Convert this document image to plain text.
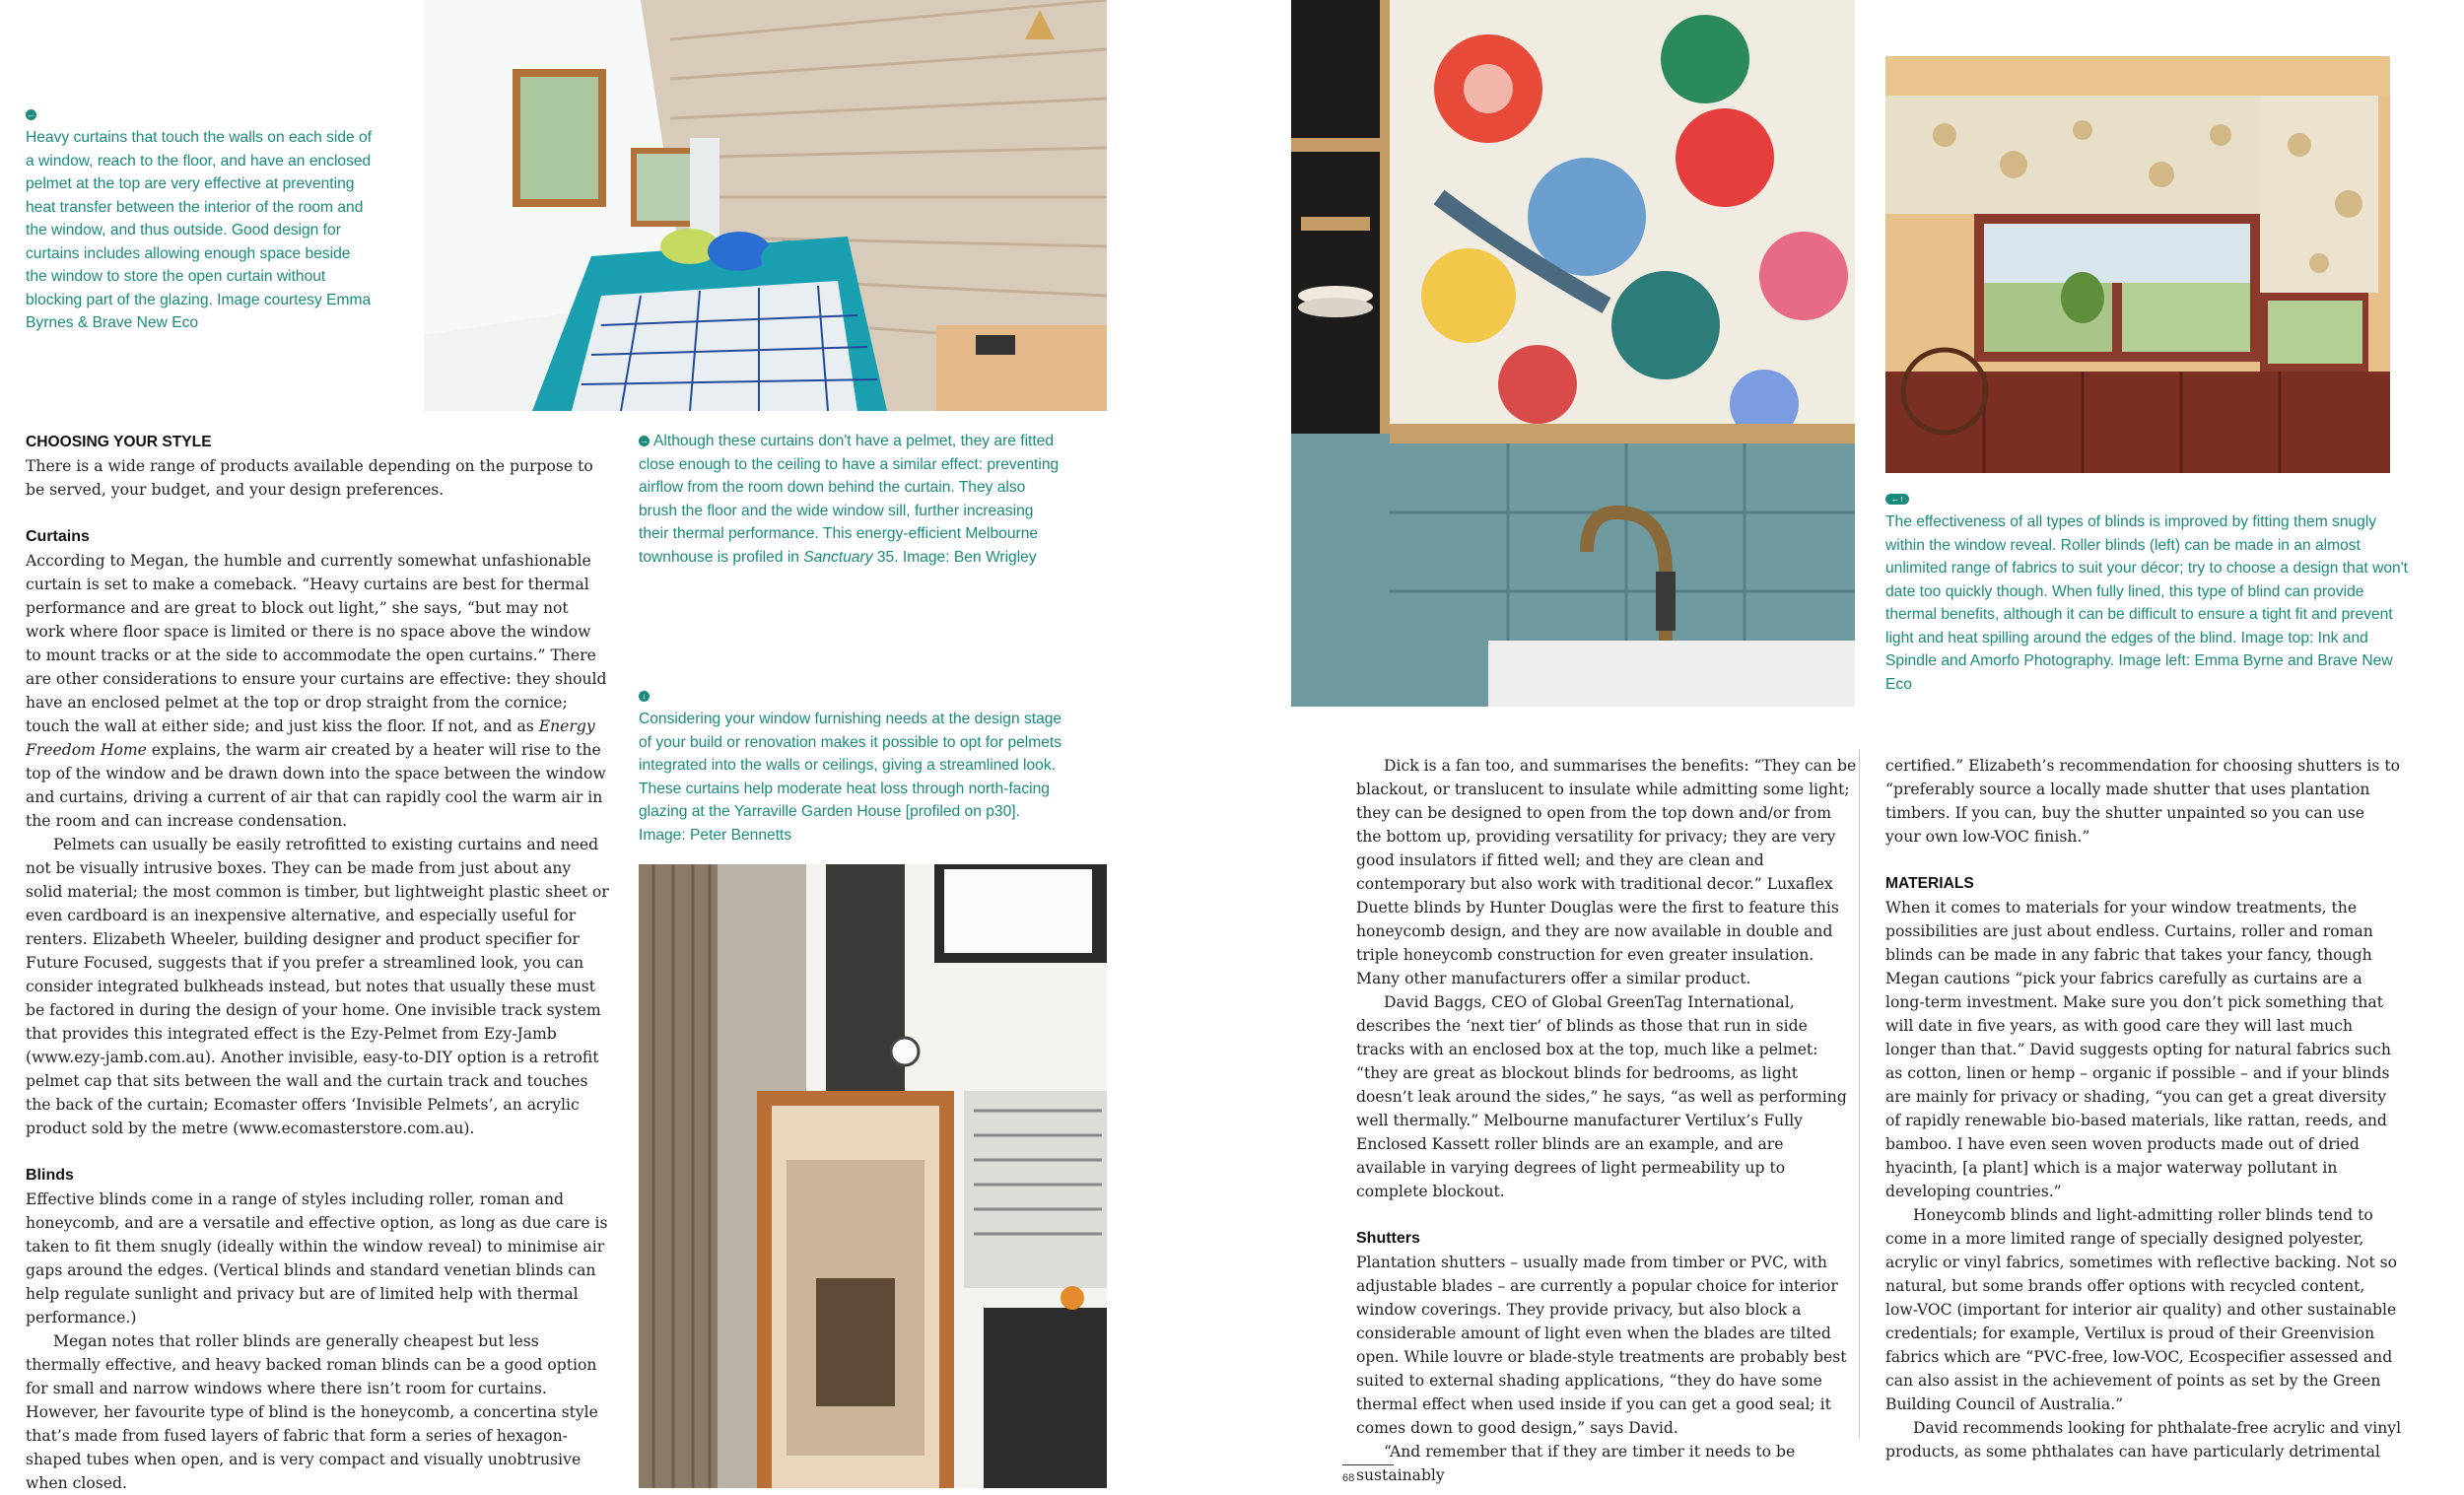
←
Heavy curtains that touch the walls on each side of a window, reach to the floor, and have an enclosed pelmet at the top are very effective at preventing heat transfer between the interior of the room and the window, and thus outside. Good design for curtains includes allowing enough space beside the window to store the open curtain without blocking part of the glazing. Image courtesy Emma Byrnes & Brave New Eco
→ Although these curtains don't have a pelmet, they are fitted close enough to the ceiling to have a similar effect: preventing airflow from the room down behind the curtain. They also brush the floor and the wide window sill, further increasing their thermal performance. This energy-efficient Melbourne townhouse is profiled in Sanctuary 35. Image: Ben Wrigley
↓
Considering your window furnishing needs at the design stage of your build or renovation makes it possible to opt for pelmets integrated into the walls or ceilings, giving a streamlined look. These curtains help moderate heat loss through north-facing glazing at the Yarraville Garden House [profiled on p30]. Image: Peter Bennetts
←↑
The effectiveness of all types of blinds is improved by fitting them snugly within the window reveal. Roller blinds (left) can be made in an almost unlimited range of fabrics to suit your décor; try to choose a design that won't date too quickly though. When fully lined, this type of blind can provide thermal benefits, although it can be difficult to ensure a tight fit and prevent light and heat spilling around the edges of the blind. Image top: Ink and Spindle and Amorfo Photography. Image left: Emma Byrne and Brave New Eco
CHOOSING YOUR STYLE

There is a wide range of products available depending on the purpose to be served, your budget, and your design preferences.

Curtains

According to Megan, the humble and currently somewhat unfashionable curtain is set to make a comeback. “Heavy curtains are best for thermal performance and are great to block out light,” she says, “but may not work where floor space is limited or there is no space above the window to mount tracks or at the side to accommodate the open curtains.” There are other considerations to ensure your curtains are effective: they should have an enclosed pelmet at the top or drop straight from the cornice; touch the wall at either side; and just kiss the floor. If not, and as Energy Freedom Home explains, the warm air created by a heater will rise to the top of the window and be drawn down into the space between the window and curtains, driving a current of air that can rapidly cool the warm air in the room and can increase condensation.

Pelmets can usually be easily retrofitted to existing curtains and need not be visually intrusive boxes. They can be made from just about any solid material; the most common is timber, but lightweight plastic sheet or even cardboard is an inexpensive alternative, and especially useful for renters. Elizabeth Wheeler, building designer and product specifier for Future Focused, suggests that if you prefer a streamlined look, you can consider integrated bulkheads instead, but notes that usually these must be factored in during the design of your home. One invisible track system that provides this integrated effect is the Ezy-Pelmet from Ezy-Jamb (www.ezy-jamb.com.au). Another invisible, easy-to-DIY option is a retrofit pelmet cap that sits between the wall and the curtain track and touches the back of the curtain; Ecomaster offers ‘Invisible Pelmets’, an acrylic product sold by the metre (www.ecomasterstore.com.au).

Blinds

Effective blinds come in a range of styles including roller, roman and honeycomb, and are a versatile and effective option, as long as due care is taken to fit them snugly (ideally within the window reveal) to minimise air gaps around the edges. (Vertical blinds and standard venetian blinds can help regulate sunlight and privacy but are of limited help with thermal performance.)

Megan notes that roller blinds are generally cheapest but less thermally effective, and heavy backed roman blinds can be a good option for small and narrow windows where there isn’t room for curtains. However, her favourite type of blind is the honeycomb, a concertina style that’s made from fused layers of fabric that form a series of hexagon-shaped tubes when open, and is very compact and visually unobtrusive when closed.

Dick is a fan too, and summarises the benefits: “They can be blackout, or translucent to insulate while admitting some light; they can be designed to open from the top down and/or from the bottom up, providing versatility for privacy; they are very good insulators if fitted well; and they are clean and contemporary but also work with traditional decor.” Luxaflex Duette blinds by Hunter Douglas were the first to feature this honeycomb design, and they are now available in double and triple honeycomb construction for even greater insulation. Many other manufacturers offer a similar product.

David Baggs, CEO of Global GreenTag International, describes the ‘next tier’ of blinds as those that run in side tracks with an enclosed box at the top, much like a pelmet: “they are great as blockout blinds for bedrooms, as light doesn’t leak around the sides,” he says, “as well as performing well thermally.” Melbourne manufacturer Vertilux’s Fully Enclosed Kassett roller blinds are an example, and are available in varying degrees of light permeability up to complete blockout.

Shutters

Plantation shutters – usually made from timber or PVC, with adjustable blades – are currently a popular choice for interior window coverings. They provide privacy, but also block a considerable amount of light even when the blades are tilted open. While louvre or blade-style treatments are probably best suited to external shading applications, “they do have some thermal effect when used inside if you can get a good seal; it comes down to good design,” says David.

“And remember that if they are timber it needs to be sustainably

certified.” Elizabeth’s recommendation for choosing shutters is to “preferably source a locally made shutter that uses plantation timbers. If you can, buy the shutter unpainted so you can use your own low-VOC finish.”

MATERIALS

When it comes to materials for your window treatments, the possibilities are just about endless. Curtains, roller and roman blinds can be made in any fabric that takes your fancy, though Megan cautions “pick your fabrics carefully as curtains are a long-term investment. Make sure you don’t pick something that will date in five years, as with good care they will last much longer than that.” David suggests opting for natural fabrics such as cotton, linen or hemp – organic if possible – and if your blinds are mainly for privacy or shading, “you can get a great diversity of rapidly renewable bio-based materials, like rattan, reeds, and bamboo. I have even seen woven products made out of dried hyacinth, [a plant] which is a major waterway pollutant in developing countries.”

Honeycomb blinds and light-admitting roller blinds tend to come in a more limited range of specially designed polyester, acrylic or vinyl fabrics, sometimes with reflective backing. Not so natural, but some brands offer options with recycled content, low-VOC (important for interior air quality) and other sustainable credentials; for example, Vertilux is proud of their Greenvision fabrics which are “PVC-free, low-VOC, Ecospecifier assessed and can also assist in the achievement of points as set by the Green Building Council of Australia.”

David recommends looking for phthalate-free acrylic and vinyl products, as some phthalates can have particularly detrimental

68
